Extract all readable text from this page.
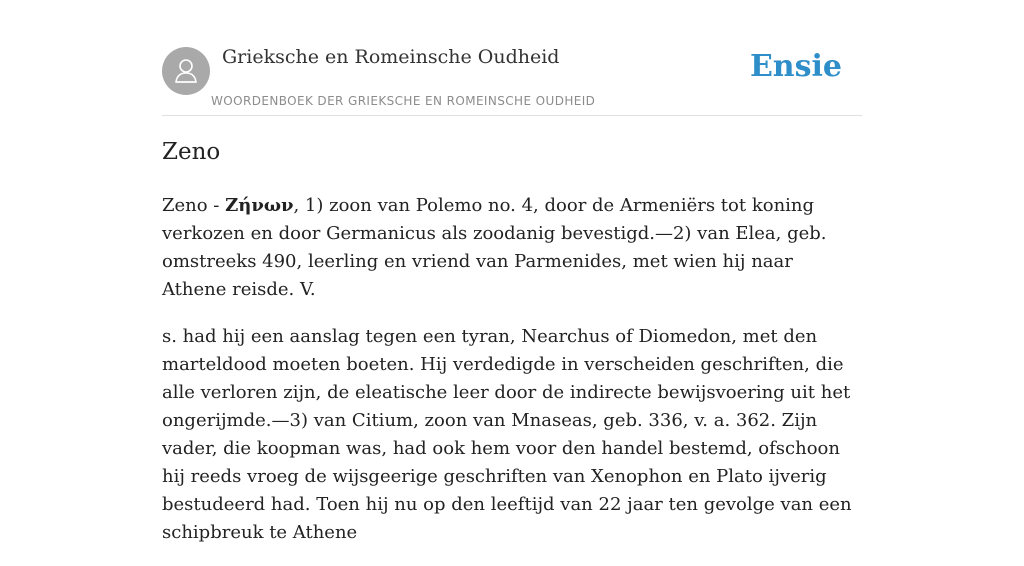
Grieksche en Romeinsche Oudheid
WOORDENBOEK DER GRIEKSCHE EN ROMEINSCHE OUDHEID
Ensie
Zeno

Zeno - Ζήνων, 1) zoon van Polemo no. 4, door de Armeniërs tot koning verkozen en door Germanicus als zoodanig bevestigd.—2) van Elea, geb. omstreeks 490, leerling en vriend van Parmenides, met wien hij naar Athene reisde. V.

s. had hij een aanslag tegen een tyran, Nearchus of Diomedon, met den marteldood moeten boeten. Hij verdedigde in verscheiden geschriften, die alle verloren zijn, de eleatische leer door de indirecte bewijsvoering uit het ongerijmde.—3) van Citium, zoon van Mnaseas, geb. 336, v. a. 362. Zijn vader, die koopman was, had ook hem voor den handel bestemd, ofschoon hij reeds vroeg de wijsgeerige geschriften van Xenophon en Plato ijverig bestudeerd had. Toen hij nu op den leeftijd van 22 jaar ten gevolge van een schipbreuk te Athene
